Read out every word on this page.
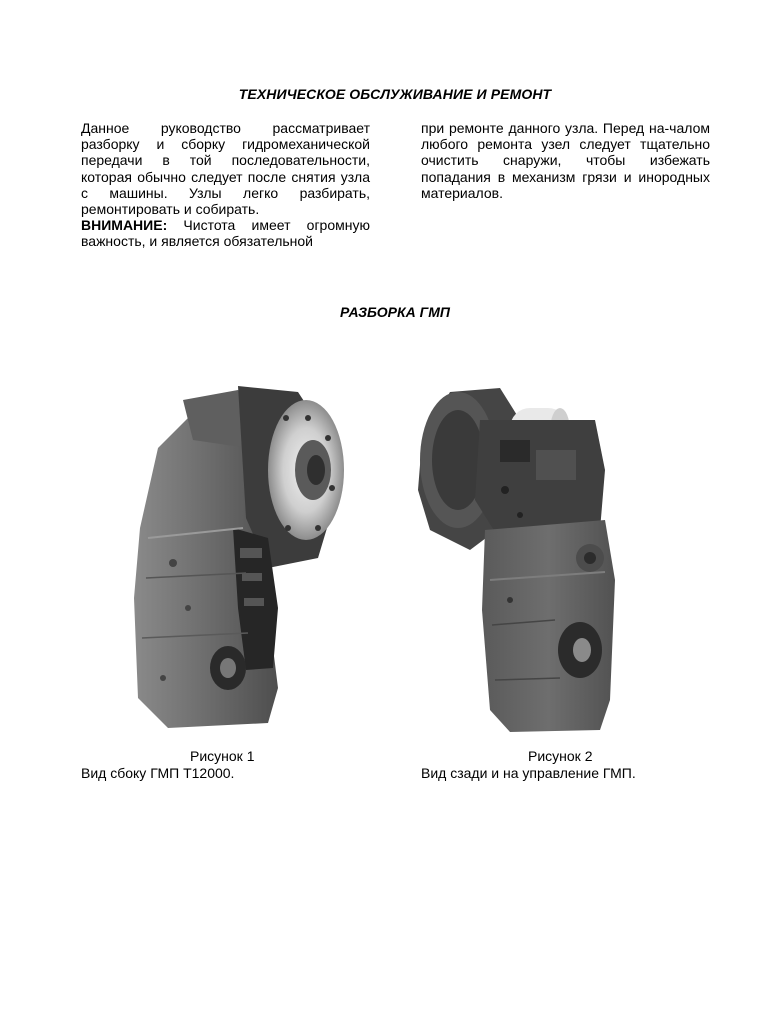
ТЕХНИЧЕСКОЕ ОБСЛУЖИВАНИЕ И РЕМОНТ

Данное руководство рассматривает разборку и сборку гидромеханической передачи в той последовательности, которая обычно следует после снятия узла с машины. Узлы легко разбирать, ремонтировать и собирать.

ВНИМАНИЕ: Чистота имеет огромную важность, и является обязательной

при ремонте данного узла. Перед на-чалом любого ремонта узел следует тщательно очистить снаружи, чтобы избежать попадания в механизм грязи и инородных материалов.

РАЗБОРКА ГМП
Рисунок 1
Вид сбоку ГМП Т12000.
Рисунок 2
Вид сзади и на управление ГМП.
